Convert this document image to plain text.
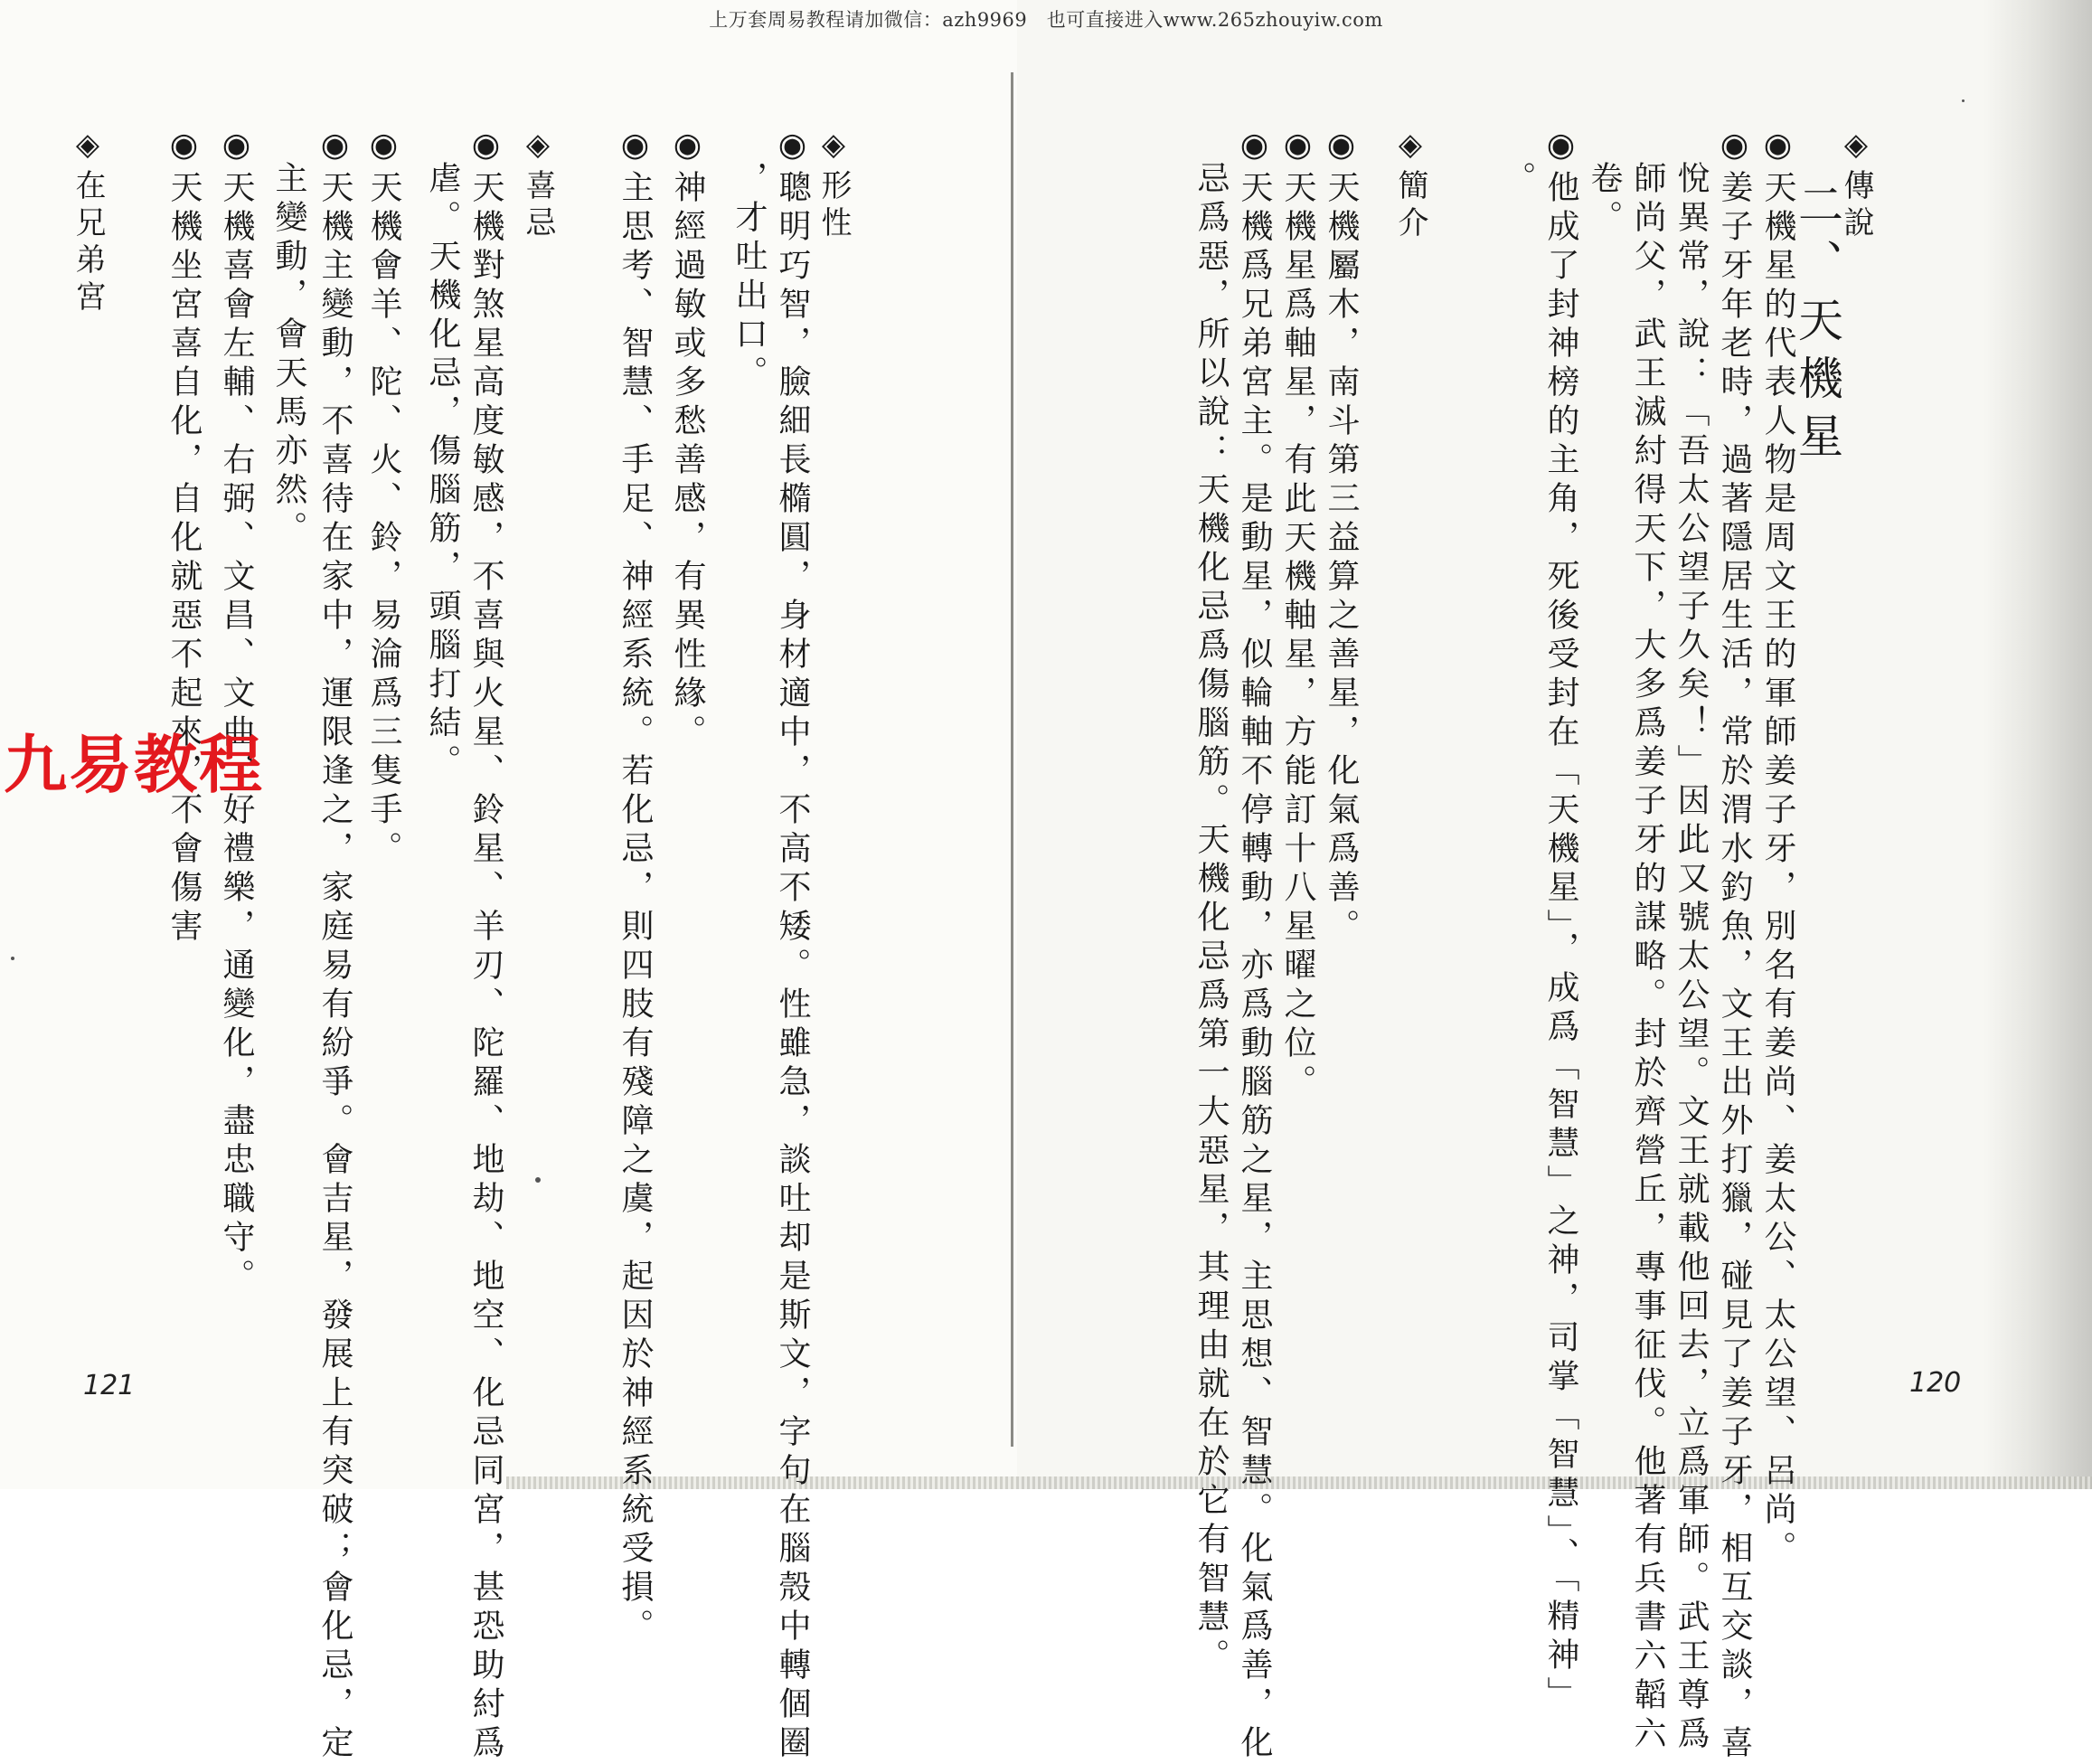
上万套周易教程请加微信：azh9969　也可直接进入www.265zhouyiw.com
二、天機星
◈傳說
◉天機星的代表人物是周文王的軍師姜子牙，別名有姜尚、姜太公、太公望、呂尚。
◉姜子牙年老時，過著隱居生活，常於渭水釣魚，文王出外打獵，碰見了姜子牙，相互交談，喜
悅異常，說：「吾太公望子久矣！」因此又號太公望。文王就載他回去，立爲軍師。武王尊爲
師尚父，武王滅紂得天下，大多爲姜子牙的謀略。封於齊營丘，專事征伐。他著有兵書六韜六
卷。
◉他成了封神榜的主角，死後受封在「天機星」，成爲「智慧」之神，司掌「智慧」、「精神」
。
◈簡介
◉天機屬木，南斗第三益算之善星，化氣爲善。
◉天機星爲軸星，有此天機軸星，方能訂十八星曜之位。
◉天機爲兄弟宮主。是動星，似輪軸不停轉動，亦爲動腦筋之星，主思想、智慧。化氣爲善，化
忌爲惡，所以說：天機化忌爲傷腦筋。天機化忌爲第一大惡星，其理由就在於它有智慧。	120
◈形性
◉聰明巧智，臉細長橢圓，身材適中，不高不矮。性雖急，談吐却是斯文，字句在腦殼中轉個圈
，才吐出口。
◉神經過敏或多愁善感，有異性緣。
◉主思考、智慧、手足、神經系統。若化忌，則四肢有殘障之虞，起因於神經系統受損。
◈喜忌
◉天機對煞星高度敏感，不喜與火星、鈴星、羊刃、陀羅、地劫、地空、化忌同宮，甚恐助紂爲
虐。天機化忌，傷腦筋，頭腦打結。
◉天機會羊、陀、火、鈴，易淪爲三隻手。
◉天機主變動，不喜待在家中，運限逢之，家庭易有紛爭。會吉星，發展上有突破；會化忌，定
主變動，會天馬亦然。
◉天機喜會左輔、右弼、文昌、文曲，好禮樂，通變化，盡忠職守。
◉天機坐宮喜自化，自化就惡不起來，不會傷害
◈在兄弟宮
121
九易教程
